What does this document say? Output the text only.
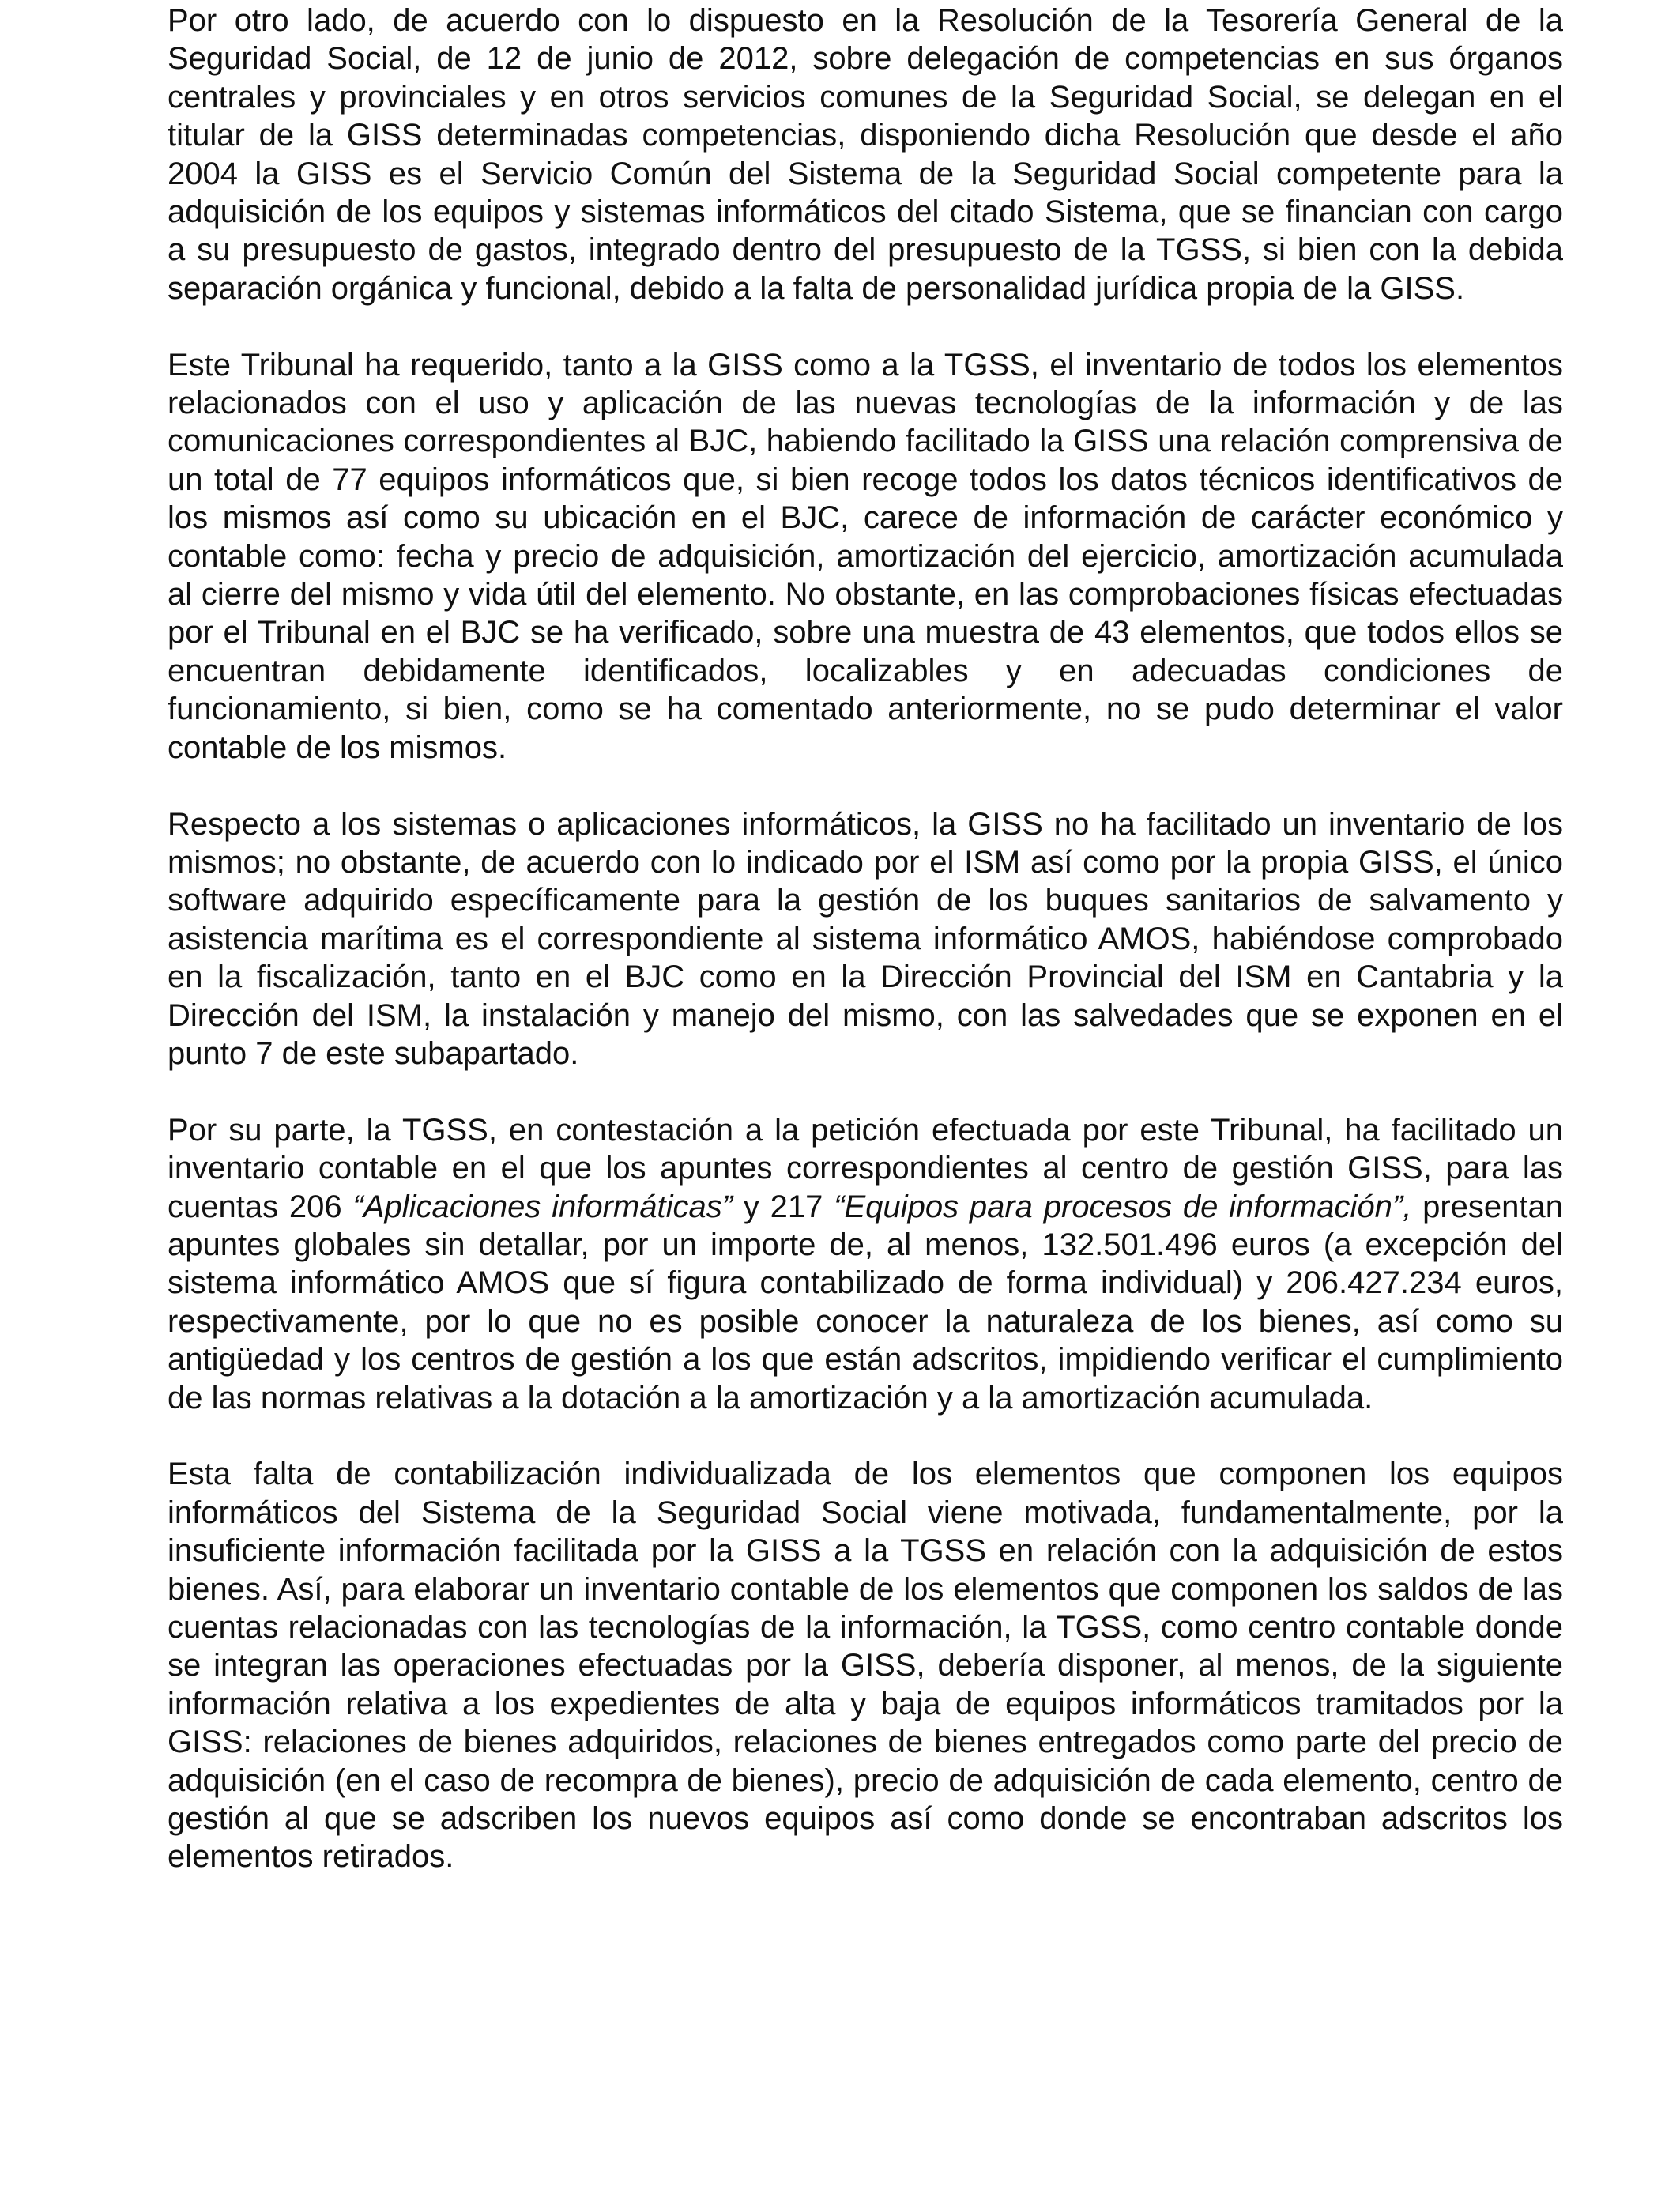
Por otro lado, de acuerdo con lo dispuesto en la Resolución de la Tesorería General de la Seguridad Social, de 12 de junio de 2012, sobre delegación de competencias en sus órganos centrales y provinciales y en otros servicios comunes de la Seguridad Social, se delegan en el titular de la GISS determinadas competencias, disponiendo dicha Resolución que desde el año 2004 la GISS es el Servicio Común del Sistema de la Seguridad Social competente para la adquisición de los equipos y sistemas informáticos del citado Sistema, que se financian con cargo a su presupuesto de gastos, integrado dentro del presupuesto de la TGSS, si bien con la debida separación orgánica y funcional, debido a la falta de personalidad jurídica propia de la GISS.

Este Tribunal ha requerido, tanto a la GISS como a la TGSS, el inventario de todos los elementos relacionados con el uso y aplicación de las nuevas tecnologías de la información y de las comunicaciones correspondientes al BJC, habiendo facilitado la GISS una relación comprensiva de un total de 77 equipos informáticos que, si bien recoge todos los datos técnicos identificativos de los mismos así como su ubicación en el BJC, carece de información de carácter económico y contable como: fecha y precio de adquisición, amortización del ejercicio, amortización acumulada al cierre del mismo y vida útil del elemento. No obstante, en las comprobaciones físicas efectuadas por el Tribunal en el BJC se ha verificado, sobre una muestra de 43 elementos, que todos ellos se encuentran debidamente identificados, localizables y en adecuadas condiciones de funcionamiento, si bien, como se ha comentado anteriormente, no se pudo determinar el valor contable de los mismos.

Respecto a los sistemas o aplicaciones informáticos, la GISS no ha facilitado un inventario de los mismos; no obstante, de acuerdo con lo indicado por el ISM así como por la propia GISS, el único software adquirido específicamente para la gestión de los buques sanitarios de salvamento y asistencia marítima es el correspondiente al sistema informático AMOS, habiéndose comprobado en la fiscalización, tanto en el BJC como en la Dirección Provincial del ISM en Cantabria y la Dirección del ISM, la instalación y manejo del mismo, con las salvedades que se exponen en el punto 7 de este subapartado.

Por su parte, la TGSS, en contestación a la petición efectuada por este Tribunal, ha facilitado un inventario contable en el que los apuntes correspondientes al centro de gestión GISS, para las cuentas 206 “Aplicaciones informáticas” y 217 “Equipos para procesos de información”, presentan apuntes globales sin detallar, por un importe de, al menos, 132.501.496 euros (a excepción del sistema informático AMOS que sí figura contabilizado de forma individual) y 206.427.234 euros, respectivamente, por lo que no es posible conocer la naturaleza de los bienes, así como su antigüedad y los centros de gestión a los que están adscritos, impidiendo verificar el cumplimiento de las normas relativas a la dotación a la amortización y a la amortización acumulada.

Esta falta de contabilización individualizada de los elementos que componen los equipos informáticos del Sistema de la Seguridad Social viene motivada, fundamentalmente, por la insuficiente información facilitada por la GISS a la TGSS en relación con la adquisición de estos bienes. Así, para elaborar un inventario contable de los elementos que componen los saldos de las cuentas relacionadas con las tecnologías de la información, la TGSS, como centro contable donde se integran las operaciones efectuadas por la GISS, debería disponer, al menos, de la siguiente información relativa a los expedientes de alta y baja de equipos informáticos tramitados por la GISS: relaciones de bienes adquiridos, relaciones de bienes entregados como parte del precio de adquisición (en el caso de recompra de bienes), precio de adquisición de cada elemento, centro de gestión al que se adscriben los nuevos equipos así como donde se encontraban adscritos los elementos retirados.
